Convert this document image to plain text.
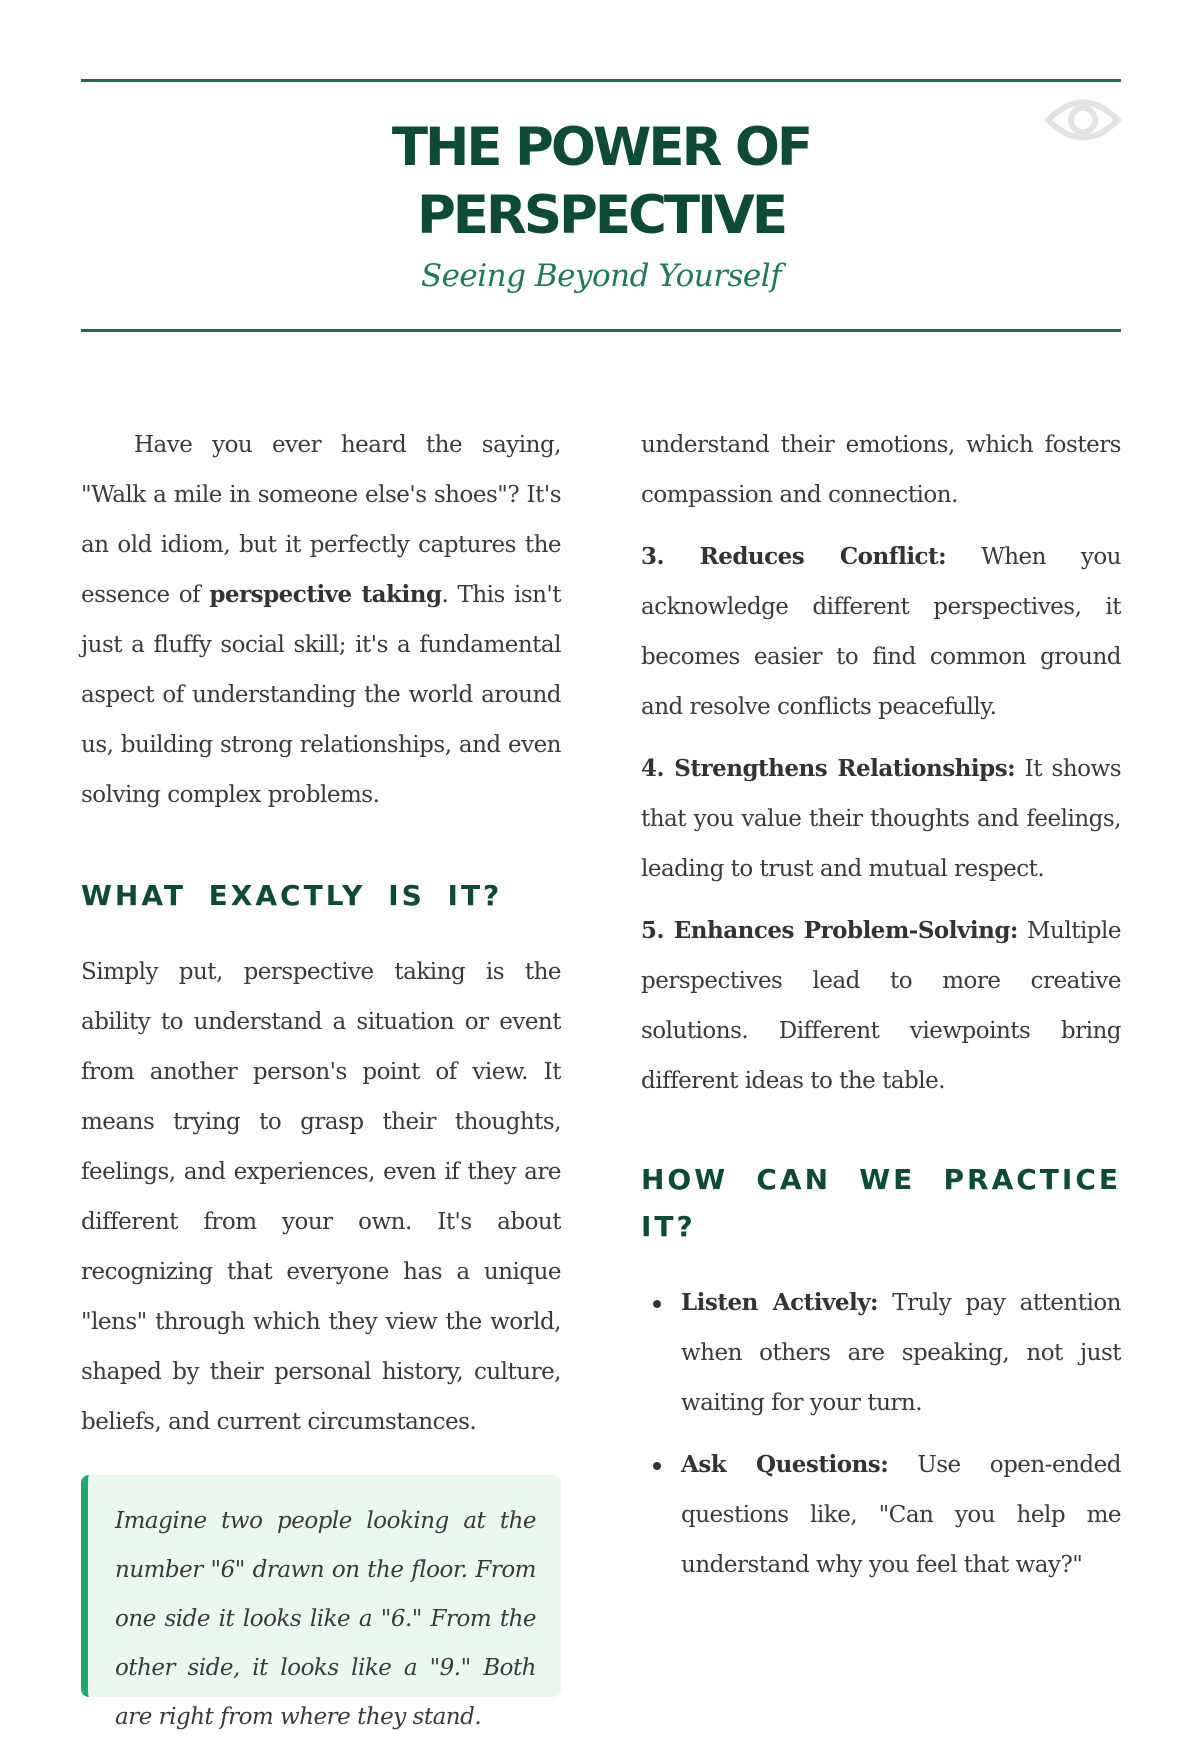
THE POWER OF
PERSPECTIVE
Seeing Beyond Yourself

Have you ever heard the saying, "Walk a mile in someone else's shoes"? It's an old idiom, but it perfectly captures the essence of perspective taking. This isn't just a fluffy social skill; it's a fundamental aspect of understanding the world around us, building strong relationships, and even solving complex problems.

WHAT EXACTLY IS IT?

Simply put, perspective taking is the ability to understand a situation or event from another person's point of view. It means trying to grasp their thoughts, feelings, and experiences, even if they are different from your own. It's about recognizing that everyone has a unique "lens" through which they view the world, shaped by their personal history, culture, beliefs, and current circumstances.

Imagine two people looking at the number "6" drawn on the floor. From one side it looks like a "6." From the other side, it looks like a "9." Both are right from where they stand.

understand their emotions, which fosters compassion and connection.

3. Reduces Conflict: When you acknowledge different perspectives, it becomes easier to find common ground and resolve conflicts peacefully.

4. Strengthens Relationships: It shows that you value their thoughts and feelings, leading to trust and mutual respect.

5. Enhances Problem-Solving: Multiple perspectives lead to more creative solutions. Different viewpoints bring different ideas to the table.

HOW CAN WE PRACTICE IT?

Listen Actively: Truly pay attention when others are speaking, not just waiting for your turn.

Ask Questions: Use open-ended questions like, "Can you help me understand why you feel that way?"
